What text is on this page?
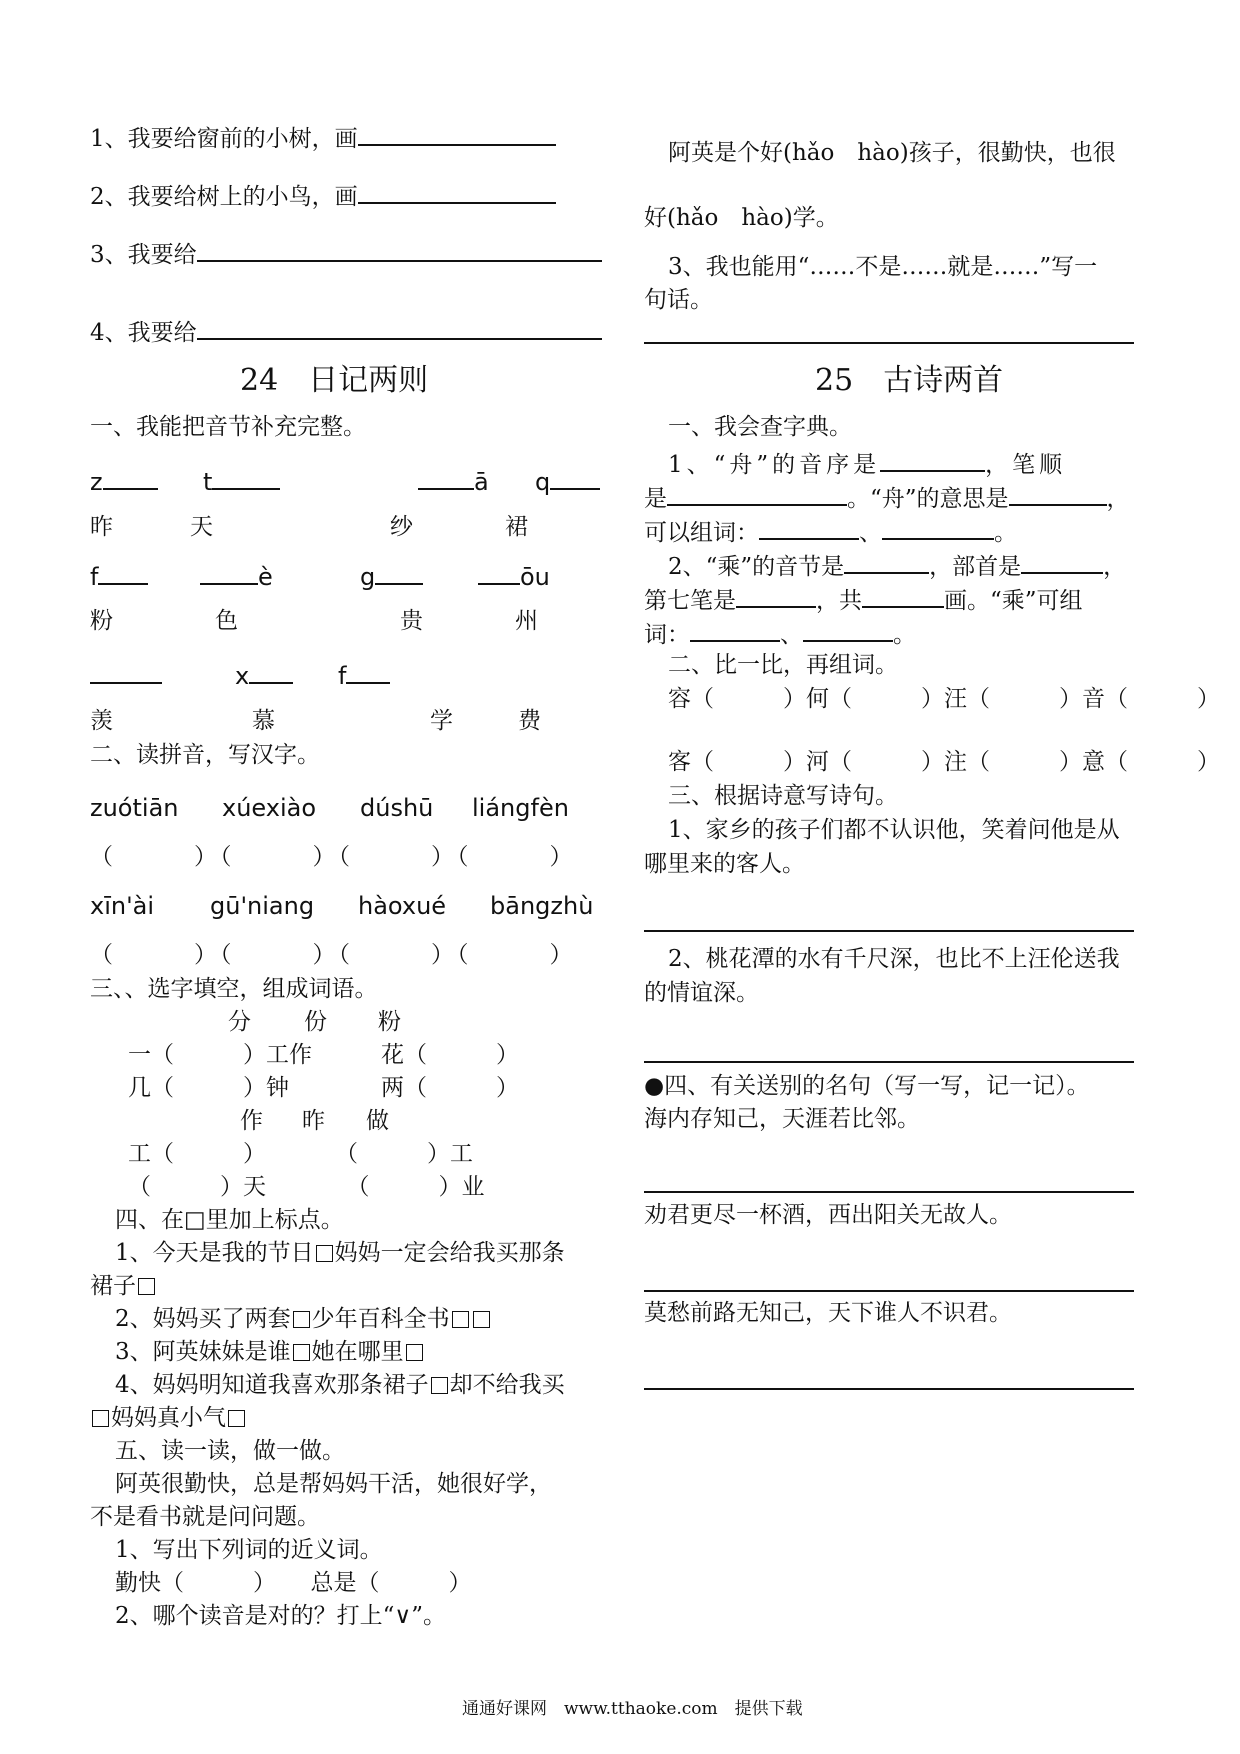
1、我要给窗前的小树，画
2、我要给树上的小鸟，画
3、我要给
4、我要给
24　日记两则
一、我能把音节补充完整。
z	t	ā q
昨	天	纱	裙
f	è	g	ōu
粉	色	贵	州
x	f
羡	慕	学	费
二、读拼音，写汉字。
zuótiān xúexiào dúshū liángfèn
（　　　）（　　　）（　　　）（　　　）
xīn'ài gū'niang hàoxué bāngzhù
（　　　）（　　　）（　　　）（　　　）
三、、选字填空，组成词语。
分 份 粉
一（　　　）工作　　　花（　　　）
几（　　　）钟　　　　两（　　　）
作 昨 做
工（　　　）　　　　（　　　）工
（　　　）天　　　　（　　　）业
四、在□里加上标点。
1、今天是我的节日 妈妈一定会给我买那条
裙子
2、妈妈买了两套 少年百科全书
3、阿英妹妹是谁 她在哪里
4、妈妈明知道我喜欢那条裙子 却不给我买
妈妈真小气
五、读一读，做一做。
阿英很勤快，总是帮妈妈干活，她很好学，
不是看书就是问问题。
1、写出下列词的近义词。
勤快（　　　）　　总是（　　　）
2、哪个读音是对的？打上“∨”。
阿英是个好(hǎo　hào)孩子，很勤快，也很
好(hǎo　hào)学。
3、我也能用“……不是……就是……”写一
句话。
25　古诗两首
一、我会查字典。
1、“舟”的音序是	，笔顺
是	。“舟”的意思是	，
可以组词：	、	。
2、“乘”的音节是	，部首是	，
第七笔是	，共	画。“乘”可组
词：	、	。
二、比一比，再组词。
容（　　　）何（　　　）汪（　　　）音（　　　）
客（　　　）河（　　　）注（　　　）意（　　　）
三、根据诗意写诗句。
1、家乡的孩子们都不认识他，笑着问他是从
哪里来的客人。
2、桃花潭的水有千尺深，也比不上汪伦送我
的情谊深。
●四、有关送别的名句（写一写，记一记）。
海内存知己，天涯若比邻。
劝君更尽一杯酒，西出阳关无故人。
莫愁前路无知己，天下谁人不识君。
通通好课网　www.tthaoke.com　提供下载
